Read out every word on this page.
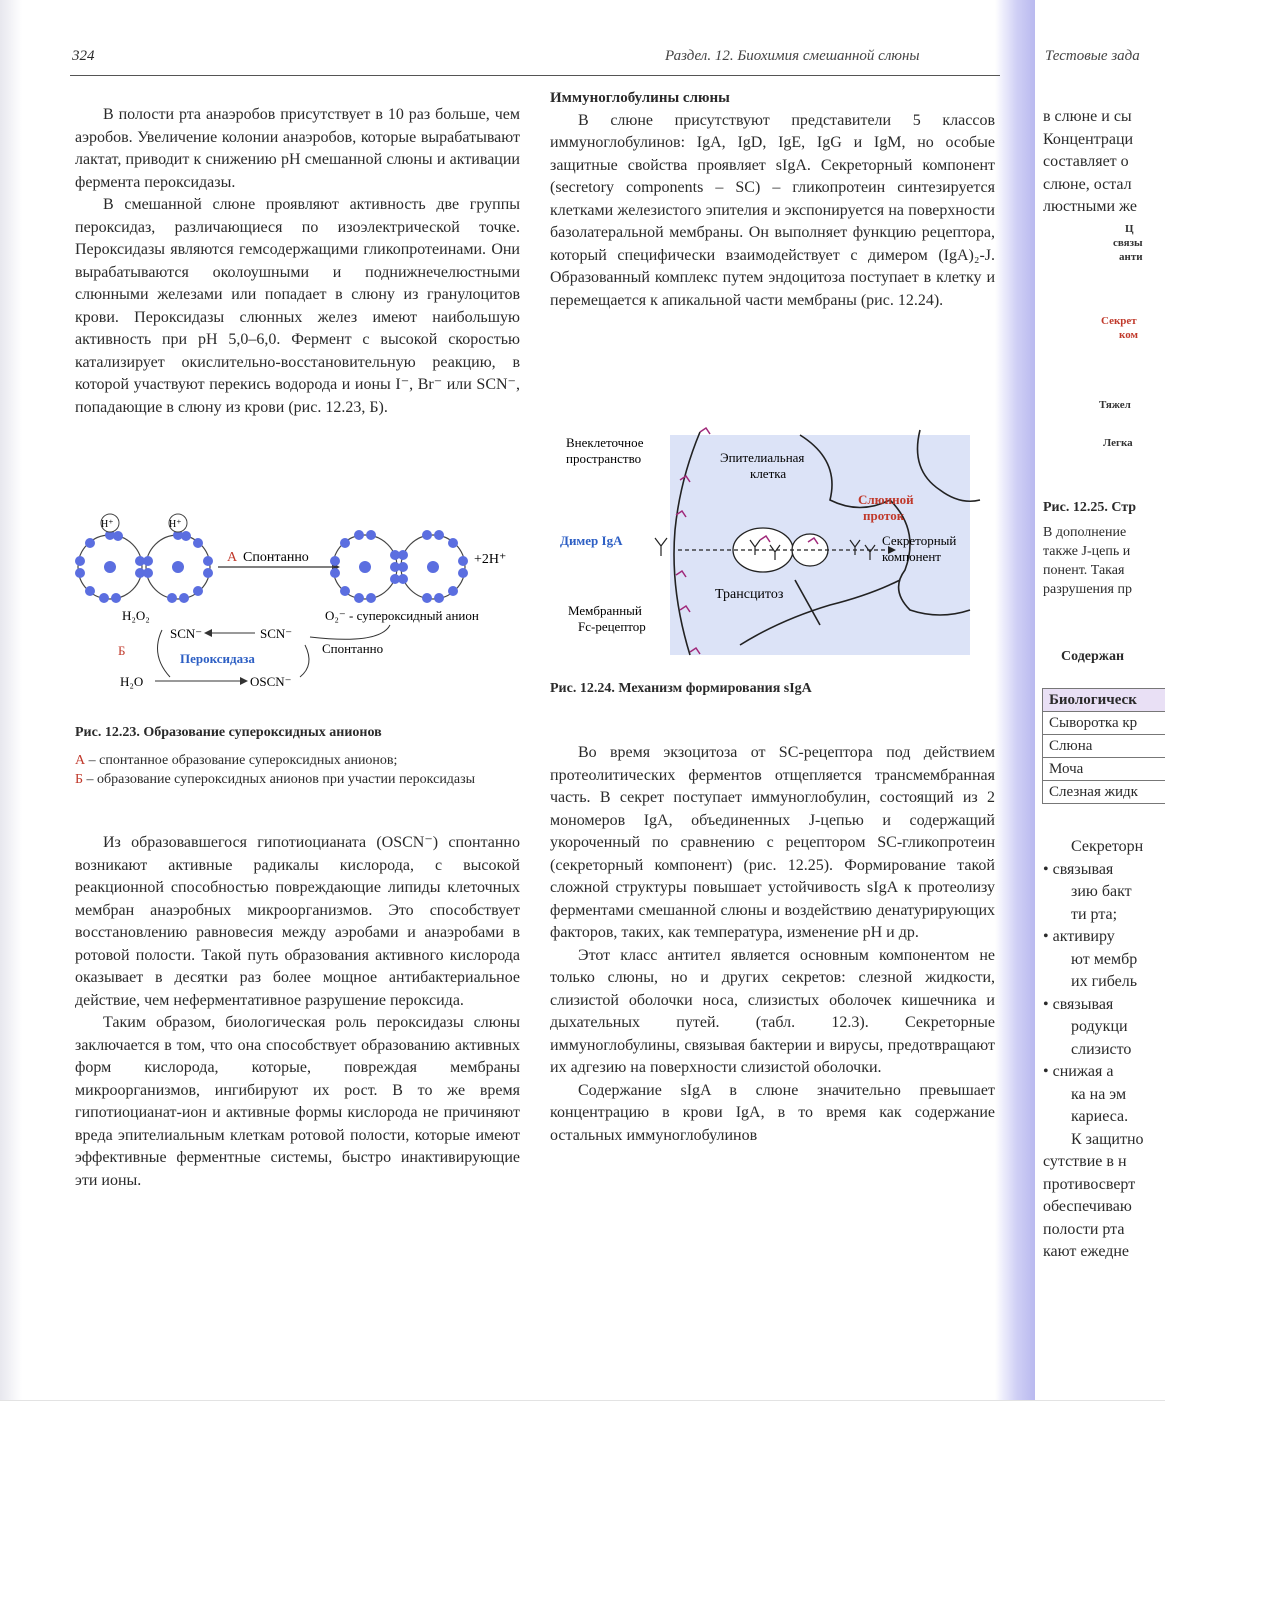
324	Раздел. 12. Биохимия смешанной слюны

В полости рта анаэробов присутствует в 10 раз больше, чем аэробов. Увеличение колонии анаэробов, которые вырабатывают лактат, приводит к снижению pH смешанной слюны и активации фермента пероксидазы.

В смешанной слюне проявляют активность две группы пероксидаз, различающиеся по изоэлектрической точке. Пероксидазы являются гемсодержащими гликопротеинами. Они вырабатываются околоушными и поднижнечелюстными слюнными железами или попадает в слюну из гранулоцитов крови. Пероксидазы слюнных желез имеют наибольшую активность при pH 5,0–6,0. Фермент с высокой скоростью катализирует окислительно-восстановительную реакцию, в которой участвуют перекись водорода и ионы I⁻, Br⁻ или SCN⁻, попадающие в слюну из крови (рис. 12.23, Б).

H⁺	H⁺
А Спонтанно	+2H⁺
H₂O₂	O₂⁻ - супероксидный анион
SCN⁻	SCN⁻
Б
Пероксидаза
Спонтанно
H₂O	OSCN⁻

Рис. 12.23. Образование супероксидных анионов

А – спонтанное образование супероксидных анионов;

Б – образование супероксидных анионов при участии пероксидазы

Из образовавшегося гипотиоцианата (OSCN⁻) спонтанно возникают активные радикалы кислорода, с высокой реакционной способностью повреждающие липиды клеточных мембран анаэробных микроорганизмов. Это способствует восстановлению равновесия между аэробами и анаэробами в ротовой полости. Такой путь образования активного кислорода оказывает в десятки раз более мощное антибактериальное действие, чем неферментативное разрушение пероксида.

Таким образом, биологическая роль пероксидазы слюны заключается в том, что она способствует образованию активных форм кислорода, которые, повреждая мембраны микроорганизмов, ингибируют их рост. В то же время гипотиоцианат-ион и активные формы кислорода не причиняют вреда эпителиальным клеткам ротовой полости, которые имеют эффективные ферментные системы, быстро инактивирующие эти ионы.

Иммуноглобулины слюны

В слюне присутствуют представители 5 классов иммуноглобулинов: IgA, IgD, IgE, IgG и IgM, но особые защитные свойства проявляет sIgA. Секреторный компонент (secretory components – SC) – гликопротеин синтезируется клетками железистого эпителия и экспонируется на поверхности базолатеральной мембраны. Он выполняет функцию рецептора, который специфически взаимодействует с димером (IgA)₂-J. Образованный комплекс путем эндоцитоза поступает в клетку и перемещается к апикальной части мембраны (рис. 12.24).

Внеклеточное пространство	Эпителиальная клетка
Слюнной проток
Димер IgA	Секреторный компонент
Трансцитоз
Мембранный Fc-рецептор

Рис. 12.24. Механизм формирования sIgA

Во время экзоцитоза от SC-рецептора под действием протеолитических ферментов отщепляется трансмембранная часть. В секрет поступает иммуноглобулин, состоящий из 2 мономеров IgA, объединенных J-цепью и содержащий укороченный по сравнению с рецептором SC-гликопротеин (секреторный компонент) (рис. 12.25). Формирование такой сложной структуры повышает устойчивость sIgA к протеолизу ферментами смешанной слюны и воздействию денатурирующих факторов, таких, как температура, изменение pH и др.

Этот класс антител является основным компонентом не только слюны, но и других секретов: слезной жидкости, слизистой оболочки носа, слизистых оболочек кишечника и дыхательных путей. (табл. 12.3). Секреторные иммуноглобулины, связывая бактерии и вирусы, предотвращают их адгезию на поверхности слизистой оболочки.

Содержание sIgA в слюне значительно превышает концентрацию в крови IgA, в то время как содержание остальных иммуноглобулинов

Тестовые зада
в слюне и сы
Концентраци
составляет о
слюне, остал
люстными же
Ц
связы
анти
Секрет
ком
Тяжел
Легка
Рис. 12.25. Стр
В дополнение
также J-цепь и
понент. Такая
разрушения пр
Содержан
Биологическ
Сыворотка кр
Слюна
Моча
Слезная жидк
Секреторн
• связывая
зию бакт
ти рта;
• активиру
ют мембр
их гибель
• связывая
родукци
слизисто
• снижая а
ка на эм
кариеса.
К защитно
сутствие в н
противосверт
обеспечиваю
полости рта
кают ежедне
